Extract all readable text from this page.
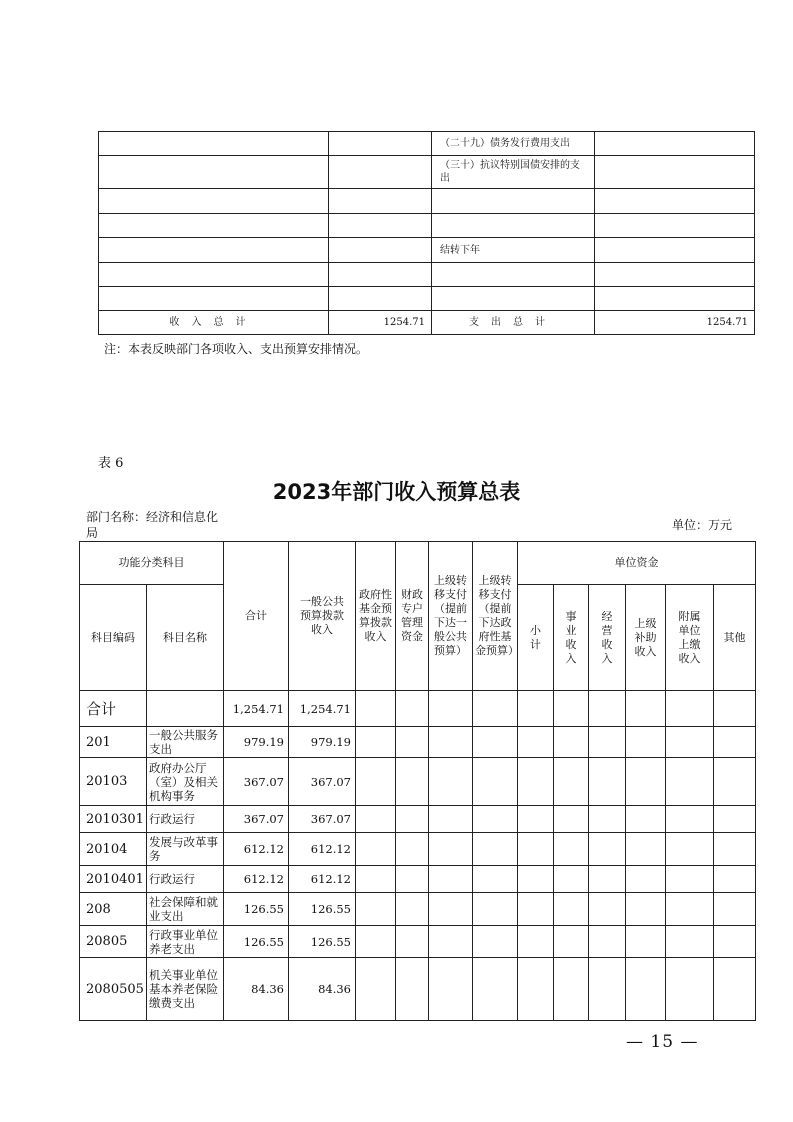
		（二十九）债务发行费用支出	
		（三十）抗议特别国债安排的支出	

		结转下年	

收入总计	1254.71	支出总计	1254.71
注：本表反映部门各项收入、支出预算安排情况。
表 6
2023年部门收入预算总表
部门名称：经济和信息化局
单位：万元
功能分类科目		合计	一般公共预算拨款收入	政府性基金预算拨款收入	财政专户管理资金	上级转移支付（提前下达一般公共预算）	上级转移支付（提前下达政府性基金预算）	单位资金					
科目编码	科目名称							小计	事业收入	经营收入	上级补助收入	附属单位上缴收入	其他
合计		1,254.71	1,254.71										
201	一般公共服务支出	979.19	979.19										
20103	政府办公厅（室）及相关机构事务	367.07	367.07										
2010301	行政运行	367.07	367.07										
20104	发展与改革事务	612.12	612.12										
2010401	行政运行	612.12	612.12										
208	社会保障和就业支出	126.55	126.55										
20805	行政事业单位养老支出	126.55	126.55										
2080505	机关事业单位基本养老保险缴费支出	84.36	84.36										
— 15 —
